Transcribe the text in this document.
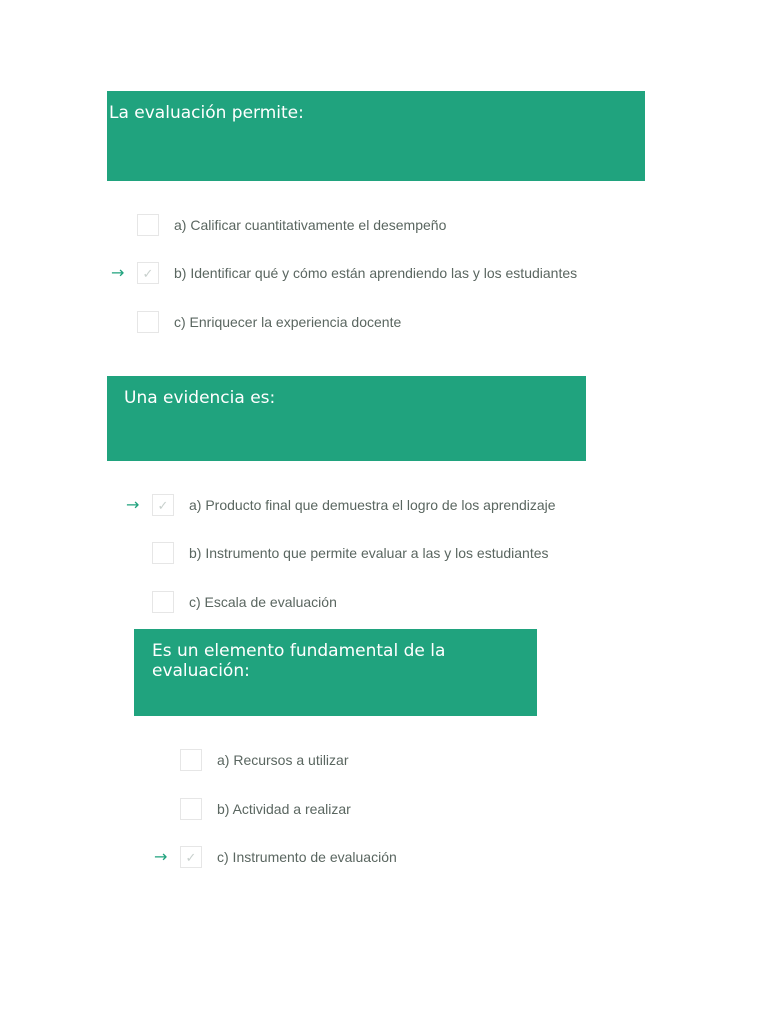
La evaluación permite:
a) Calificar cuantitativamente el desempeño
→ ✓ b) Identificar qué y cómo están aprendiendo las y los estudiantes
c) Enriquecer la experiencia docente
Una evidencia es:
→ ✓ a) Producto final que demuestra el logro de los aprendizaje
b) Instrumento que permite evaluar a las y los estudiantes
c) Escala de evaluación
Es un elemento fundamental de la evaluación:
a) Recursos a utilizar
b) Actividad a realizar
→ ✓ c) Instrumento de evaluación
